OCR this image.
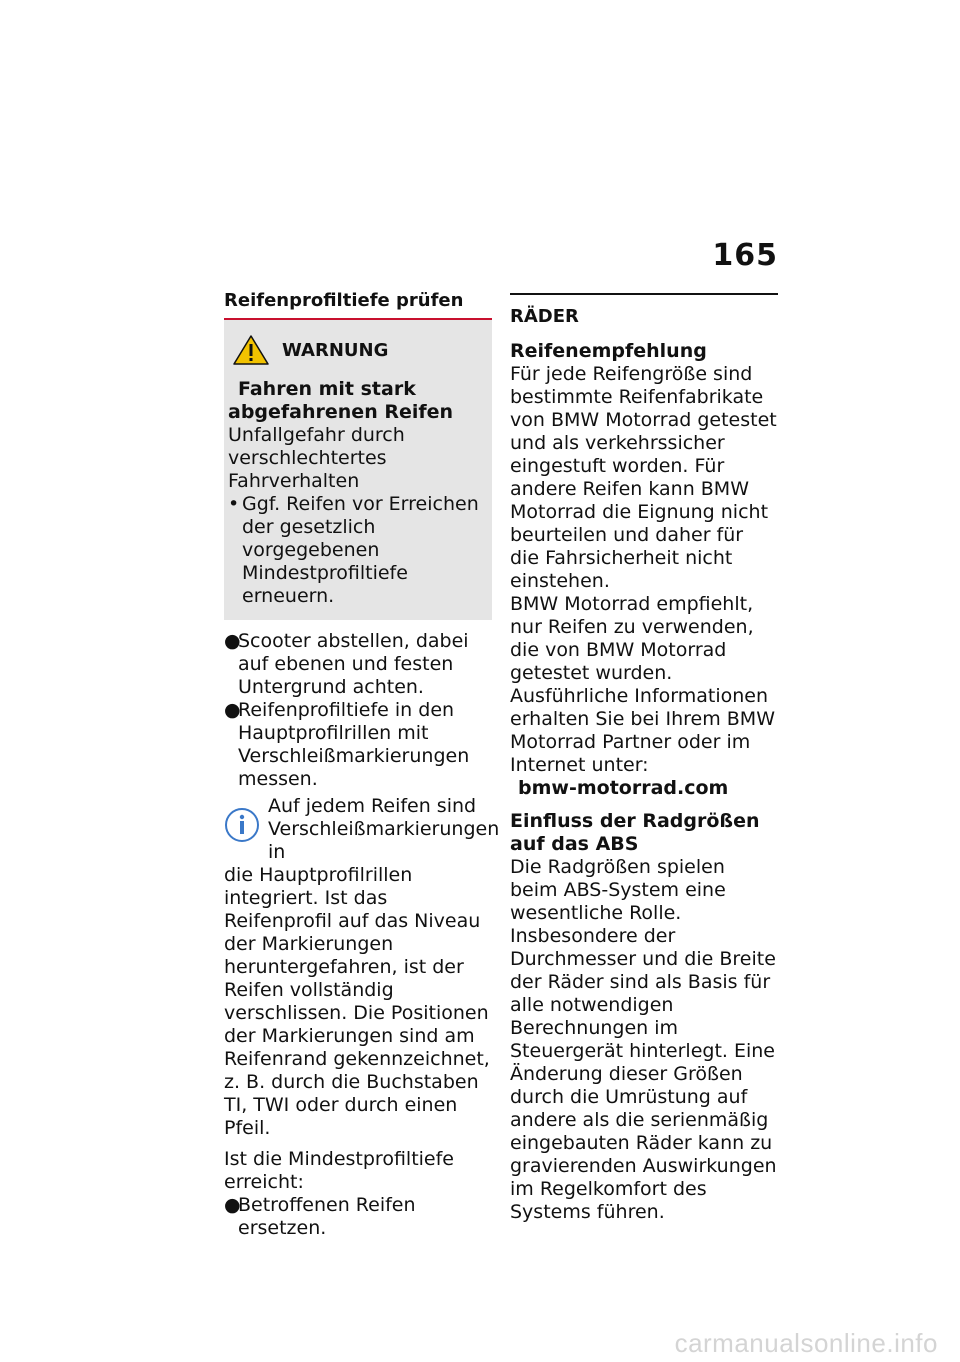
165
Reifenprofiltiefe prüfen
WARNUNG
Fahren mit stark abgefahrenen Reifen
Unfallgefahr durch verschlechtertes Fahrverhalten
• Ggf. Reifen vor Erreichen der gesetzlich vorgegebenen Mindestprofiltiefe erneuern.
●
Scooter abstellen, dabei auf ebenen und festen Untergrund achten.
●
Reifenprofiltiefe in den Hauptprofilrillen mit Verschleißmarkierungen messen.
Auf jedem Reifen sind Verschleißmarkierungen in
die Hauptprofilrillen integriert. Ist das Reifenprofil auf das Niveau der Markierungen heruntergefahren, ist der Reifen vollständig verschlissen. Die Positionen der Markierungen sind am Reifenrand gekennzeichnet, z. B. durch die Buchstaben TI, TWI oder durch einen Pfeil.
Ist die Mindestprofiltiefe erreicht:
●
Betroffenen Reifen ersetzen.
RÄDER
Reifenempfehlung
Für jede Reifengröße sind bestimmte Reifenfabrikate von BMW Motorrad getestet und als verkehrssicher eingestuft worden. Für andere Reifen kann BMW Motorrad die Eignung nicht beurteilen und daher für die Fahrsicherheit nicht einstehen.
BMW Motorrad empfiehlt, nur Reifen zu verwenden, die von BMW Motorrad getestet wurden.
Ausführliche Informationen erhalten Sie bei Ihrem BMW Motorrad Partner oder im Internet unter:
bmw-motorrad.com
Einfluss der Radgrößen auf das ABS
Die Radgrößen spielen beim ABS-System eine wesentliche Rolle. Insbesondere der Durchmesser und die Breite der Räder sind als Basis für alle notwendigen Berechnungen im Steuergerät hinterlegt. Eine Änderung dieser Größen durch die Umrüstung auf andere als die serienmäßig eingebauten Räder kann zu gravierenden Auswirkungen im Regelkomfort des Systems führen.
carmanualsonline.info
